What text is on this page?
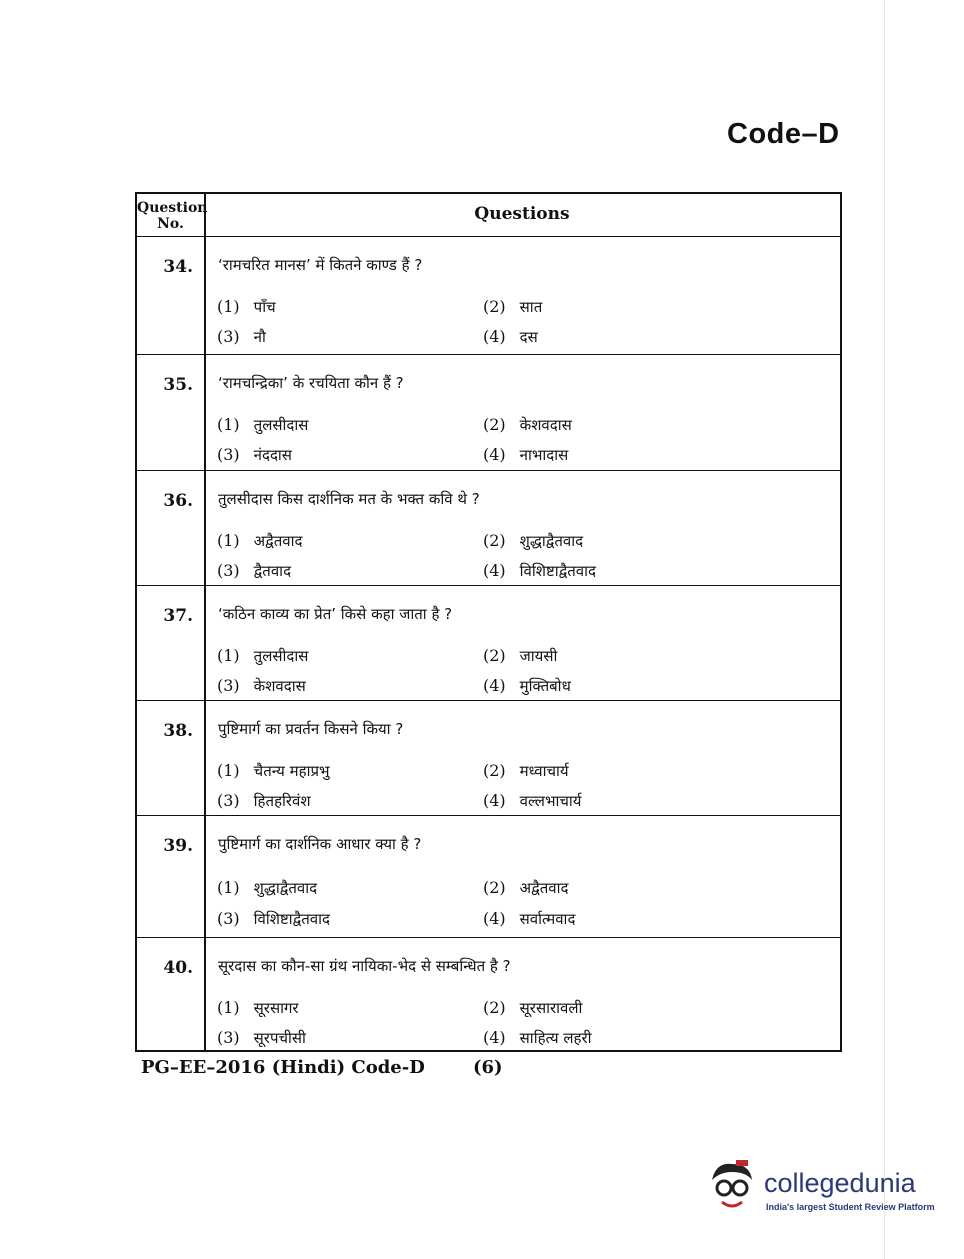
Code–D
Question No.	Questions
34. ‘रामचरित मानस’ में कितने काण्ड हैं ?
(1) पाँच	(2) सात
(3) नौ	(4) दस
35. ‘रामचन्द्रिका’ के रचयिता कौन हैं ?
(1) तुलसीदास	(2) केशवदास
(3) नंददास	(4) नाभादास
36. तुलसीदास किस दार्शनिक मत के भक्त कवि थे ?
(1) अद्वैतवाद	(2) शुद्धाद्वैतवाद
(3) द्वैतवाद	(4) विशिष्टाद्वैतवाद
37. ‘कठिन काव्य का प्रेत’ किसे कहा जाता है ?
(1) तुलसीदास	(2) जायसी
(3) केशवदास	(4) मुक्तिबोध
38. पुष्टिमार्ग का प्रवर्तन किसने किया ?
(1) चैतन्य महाप्रभु	(2) मध्वाचार्य
(3) हितहरिवंश	(4) वल्लभाचार्य
39. पुष्टिमार्ग का दार्शनिक आधार क्या है ?
(1) शुद्धाद्वैतवाद	(2) अद्वैतवाद
(3) विशिष्टाद्वैतवाद	(4) सर्वात्मवाद
40. सूरदास का कौन-सा ग्रंथ नायिका-भेद से सम्बन्धित है ?
(1) सूरसागर	(2) सूरसारावली
(3) सूरपचीसी	(4) साहित्य लहरी
PG–EE–2016 (Hindi) Code-D	(6)
collegedunia
India's largest Student Review Platform
